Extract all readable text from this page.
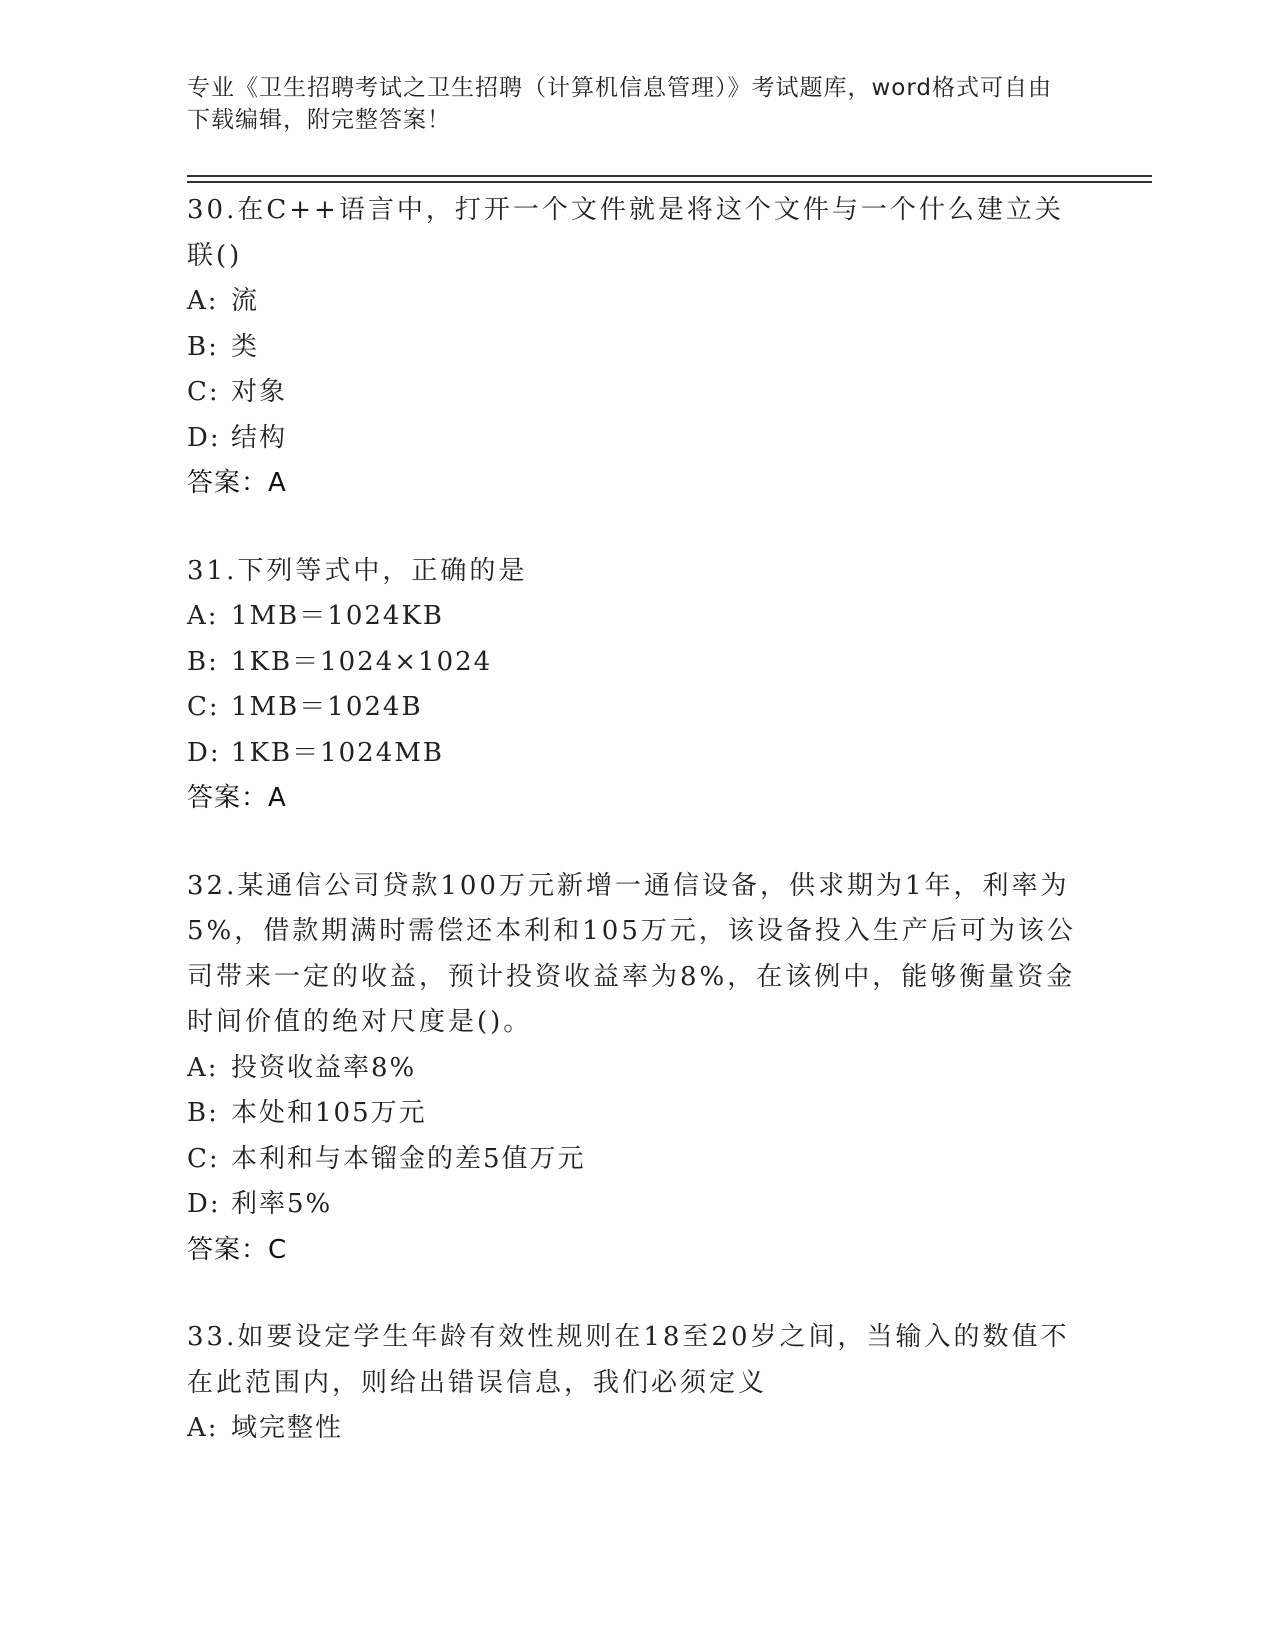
专业《卫生招聘考试之卫生招聘（计算机信息管理）》考试题库，word格式可自由下载编辑，附完整答案！
30.在C++语言中，打开一个文件就是将这个文件与一个什么建立关联()
A: 流
B: 类
C: 对象
D: 结构
答案：A
31.下列等式中，正确的是
A: 1MB＝1024KB
B: 1KB＝1024×1024
C: 1MB＝1024B
D: 1KB＝1024MB
答案：A
32.某通信公司贷款100万元新增一通信设备，供求期为1年，利率为5%，借款期满时需偿还本利和105万元，该设备投入生产后可为该公司带来一定的收益，预计投资收益率为8%，在该例中，能够衡量资金时间价值的绝对尺度是()。
A: 投资收益率8%
B: 本处和105万元
C: 本利和与本镏金的差5值万元
D: 利率5%
答案：C
33.如要设定学生年龄有效性规则在18至20岁之间，当输入的数值不在此范围内，则给出错误信息，我们必须定义
A: 域完整性
